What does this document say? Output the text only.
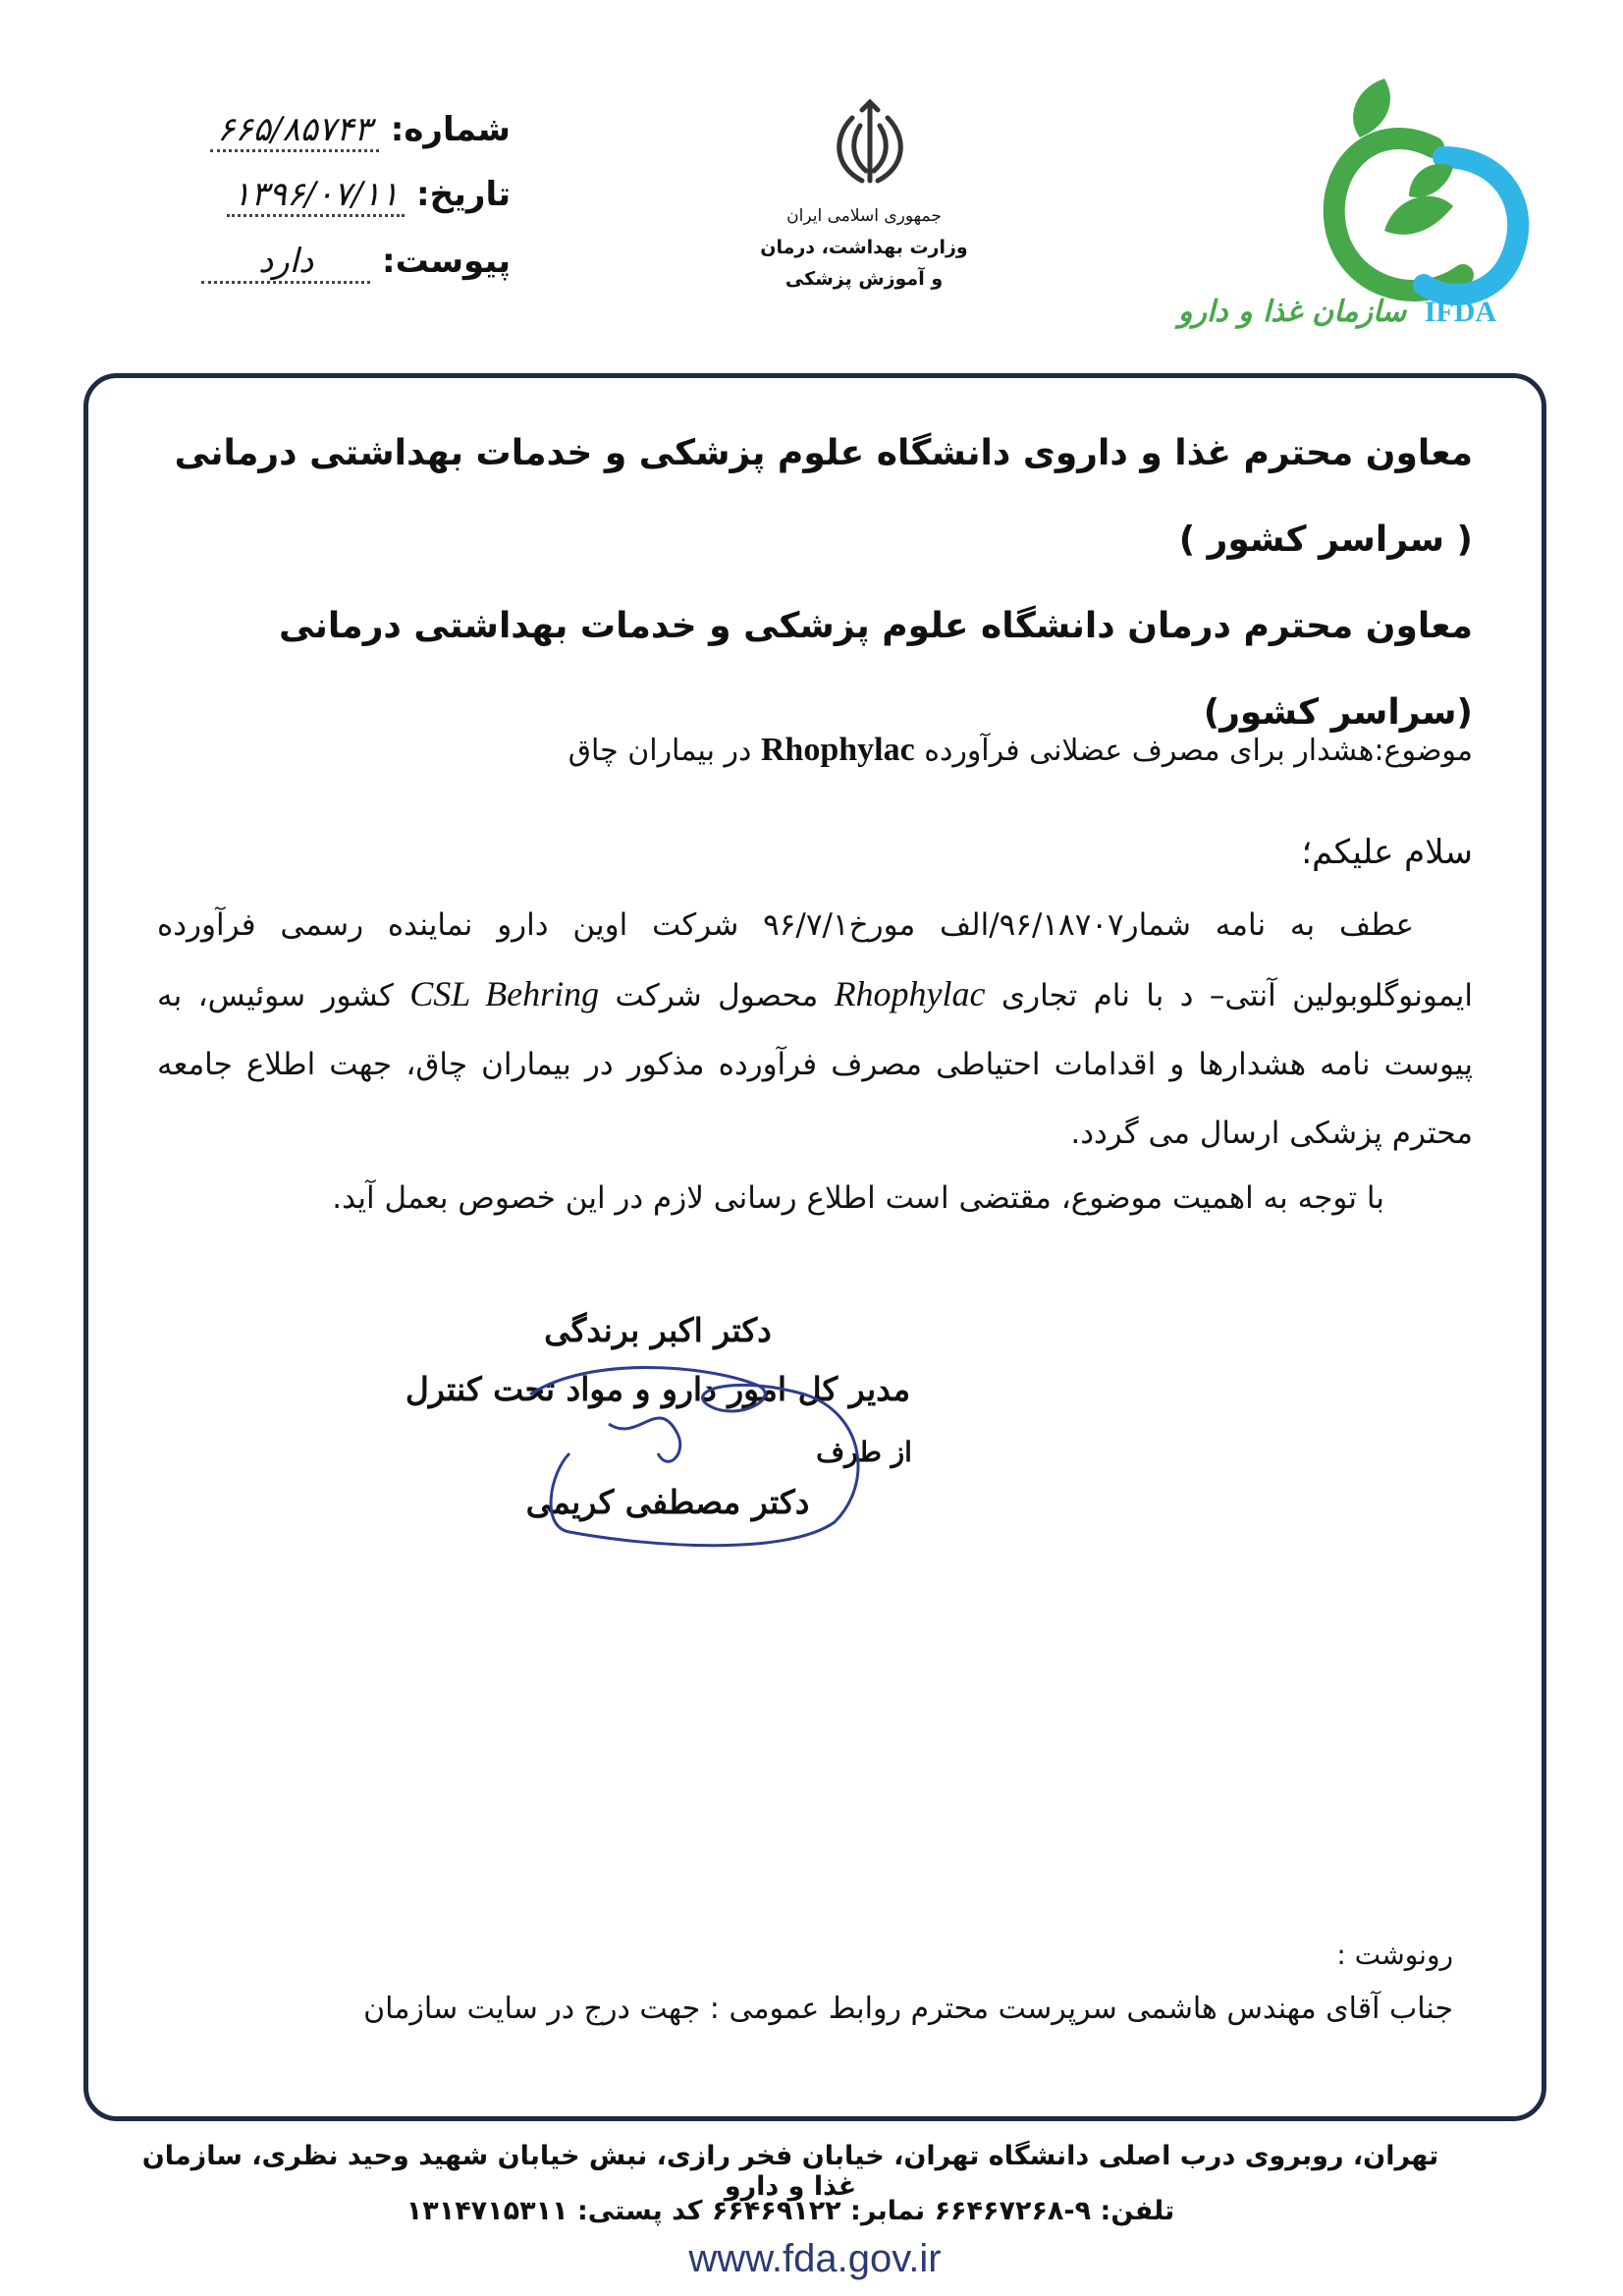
شماره: ۶۶۵/۸۵۷۴۳
تاریخ: ۱۳۹۶/۰۷/۱۱
پیوست: دارد
جمهوری اسلامی ایران
وزارت بهداشت، درمان
و آموزش پزشکی
سازمان غذا و دارو IFDA
معاون محترم غذا و داروی دانشگاه علوم پزشکی و خدمات بهداشتی درمانی ( سراسر کشور )
معاون محترم درمان دانشگاه علوم پزشکی و خدمات بهداشتی درمانی (سراسر کشور)
موضوع:هشدار برای مصرف عضلانی فرآورده Rhophylac در بیماران چاق
سلام علیکم؛
عطف به نامه شمار۹۶/۱۸۷۰۷/الف مورخ۹۶/۷/۱ شرکت اوین دارو نماینده رسمی فرآورده ایمونوگلوبولین آنتی– د با نام تجاری Rhophylac محصول شرکت CSL Behring کشور سوئیس، به پیوست نامه هشدارها و اقدامات احتیاطی مصرف فرآورده مذکور در بیماران چاق، جهت اطلاع جامعه محترم پزشکی ارسال می گردد.
با توجه به اهمیت موضوع، مقتضی است اطلاع رسانی لازم در این خصوص بعمل آید.
دکتر اکبر برندگی
مدیر کل امور دارو و مواد تحت کنترل
از طرف
دکتر مصطفی کریمی
رونوشت :
جناب آقای مهندس هاشمی سرپرست محترم روابط عمومی : جهت درج در سایت سازمان
تهران، روبروی درب اصلی دانشگاه تهران، خیابان فخر رازی، نبش خیابان شهید وحید نظری، سازمان غذا و دارو
تلفن: ۹-۶۶۴۶۷۲۶۸ نمابر: ۶۶۴۶۹۱۲۲ کد پستی: ۱۳۱۴۷۱۵۳۱۱
www.fda.gov.ir
